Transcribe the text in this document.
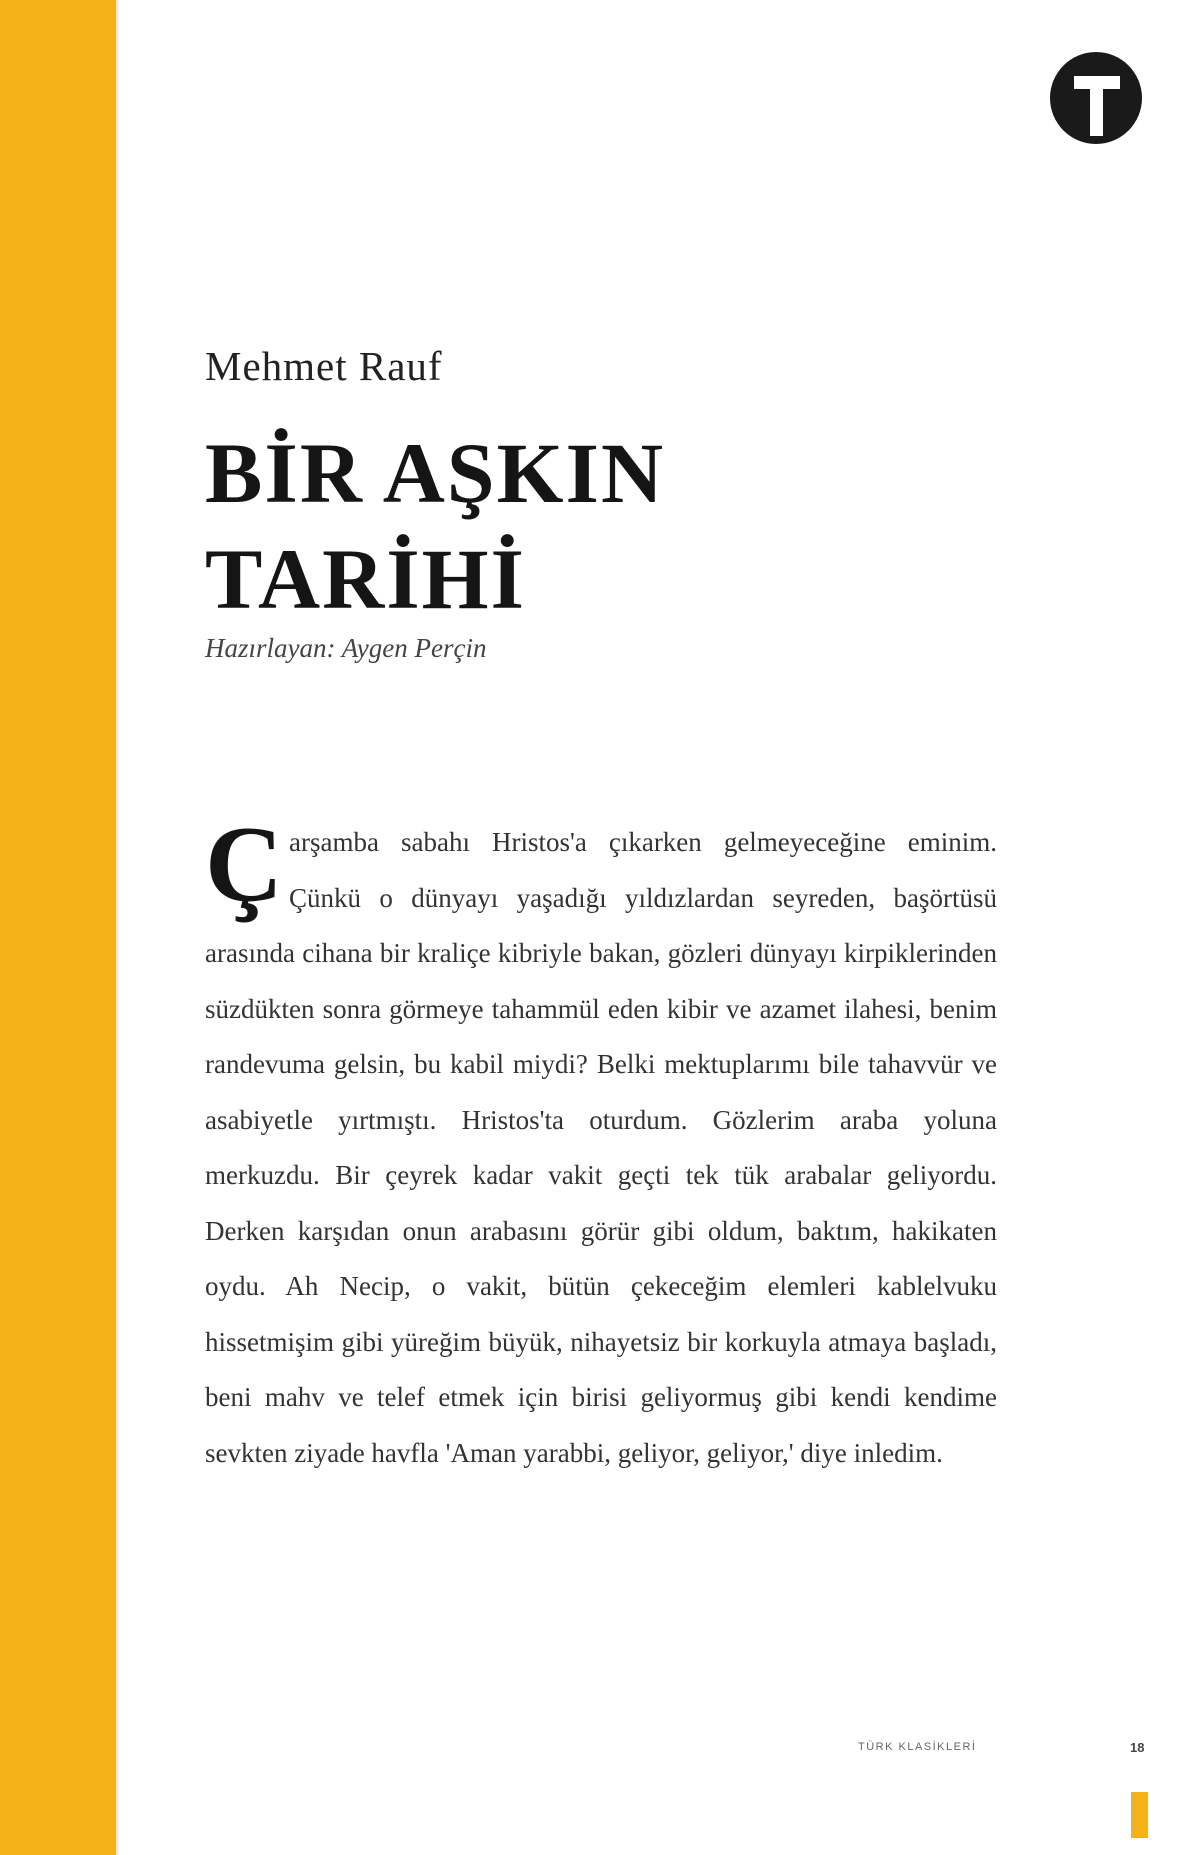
Mehmet Rauf
BİR AŞKIN
TARİHİ
Hazırlayan: Aygen Perçin

Çarşamba sabahı Hristos'a çıkarken gelmeyeceğine eminim. Çünkü o dünyayı yaşadığı yıldızlardan seyreden, başörtüsü arasında cihana bir kraliçe kibriyle bakan, gözleri dünyayı kirpiklerinden süzdükten sonra görmeye tahammül eden kibir ve azamet ilahesi, benim randevuma gelsin, bu kabil miydi? Belki mektuplarımı bile tahavvür ve asabiyetle yırtmıştı. Hristos'ta oturdum. Gözlerim araba yoluna merkuzdu. Bir çeyrek kadar vakit geçti tek tük arabalar geliyordu. Derken karşıdan onun arabasını görür gibi oldum, baktım, hakikaten oydu. Ah Necip, o vakit, bütün çekeceğim elemleri kablelvuku hissetmişim gibi yüreğim büyük, nihayetsiz bir korkuyla atmaya başladı, beni mahv ve telef etmek için birisi geliyormuş gibi kendi kendime sevkten ziyade havfla 'Aman yarabbi, geliyor, geliyor,' diye inledim.

TÜRK KLASİKLERİ	18
